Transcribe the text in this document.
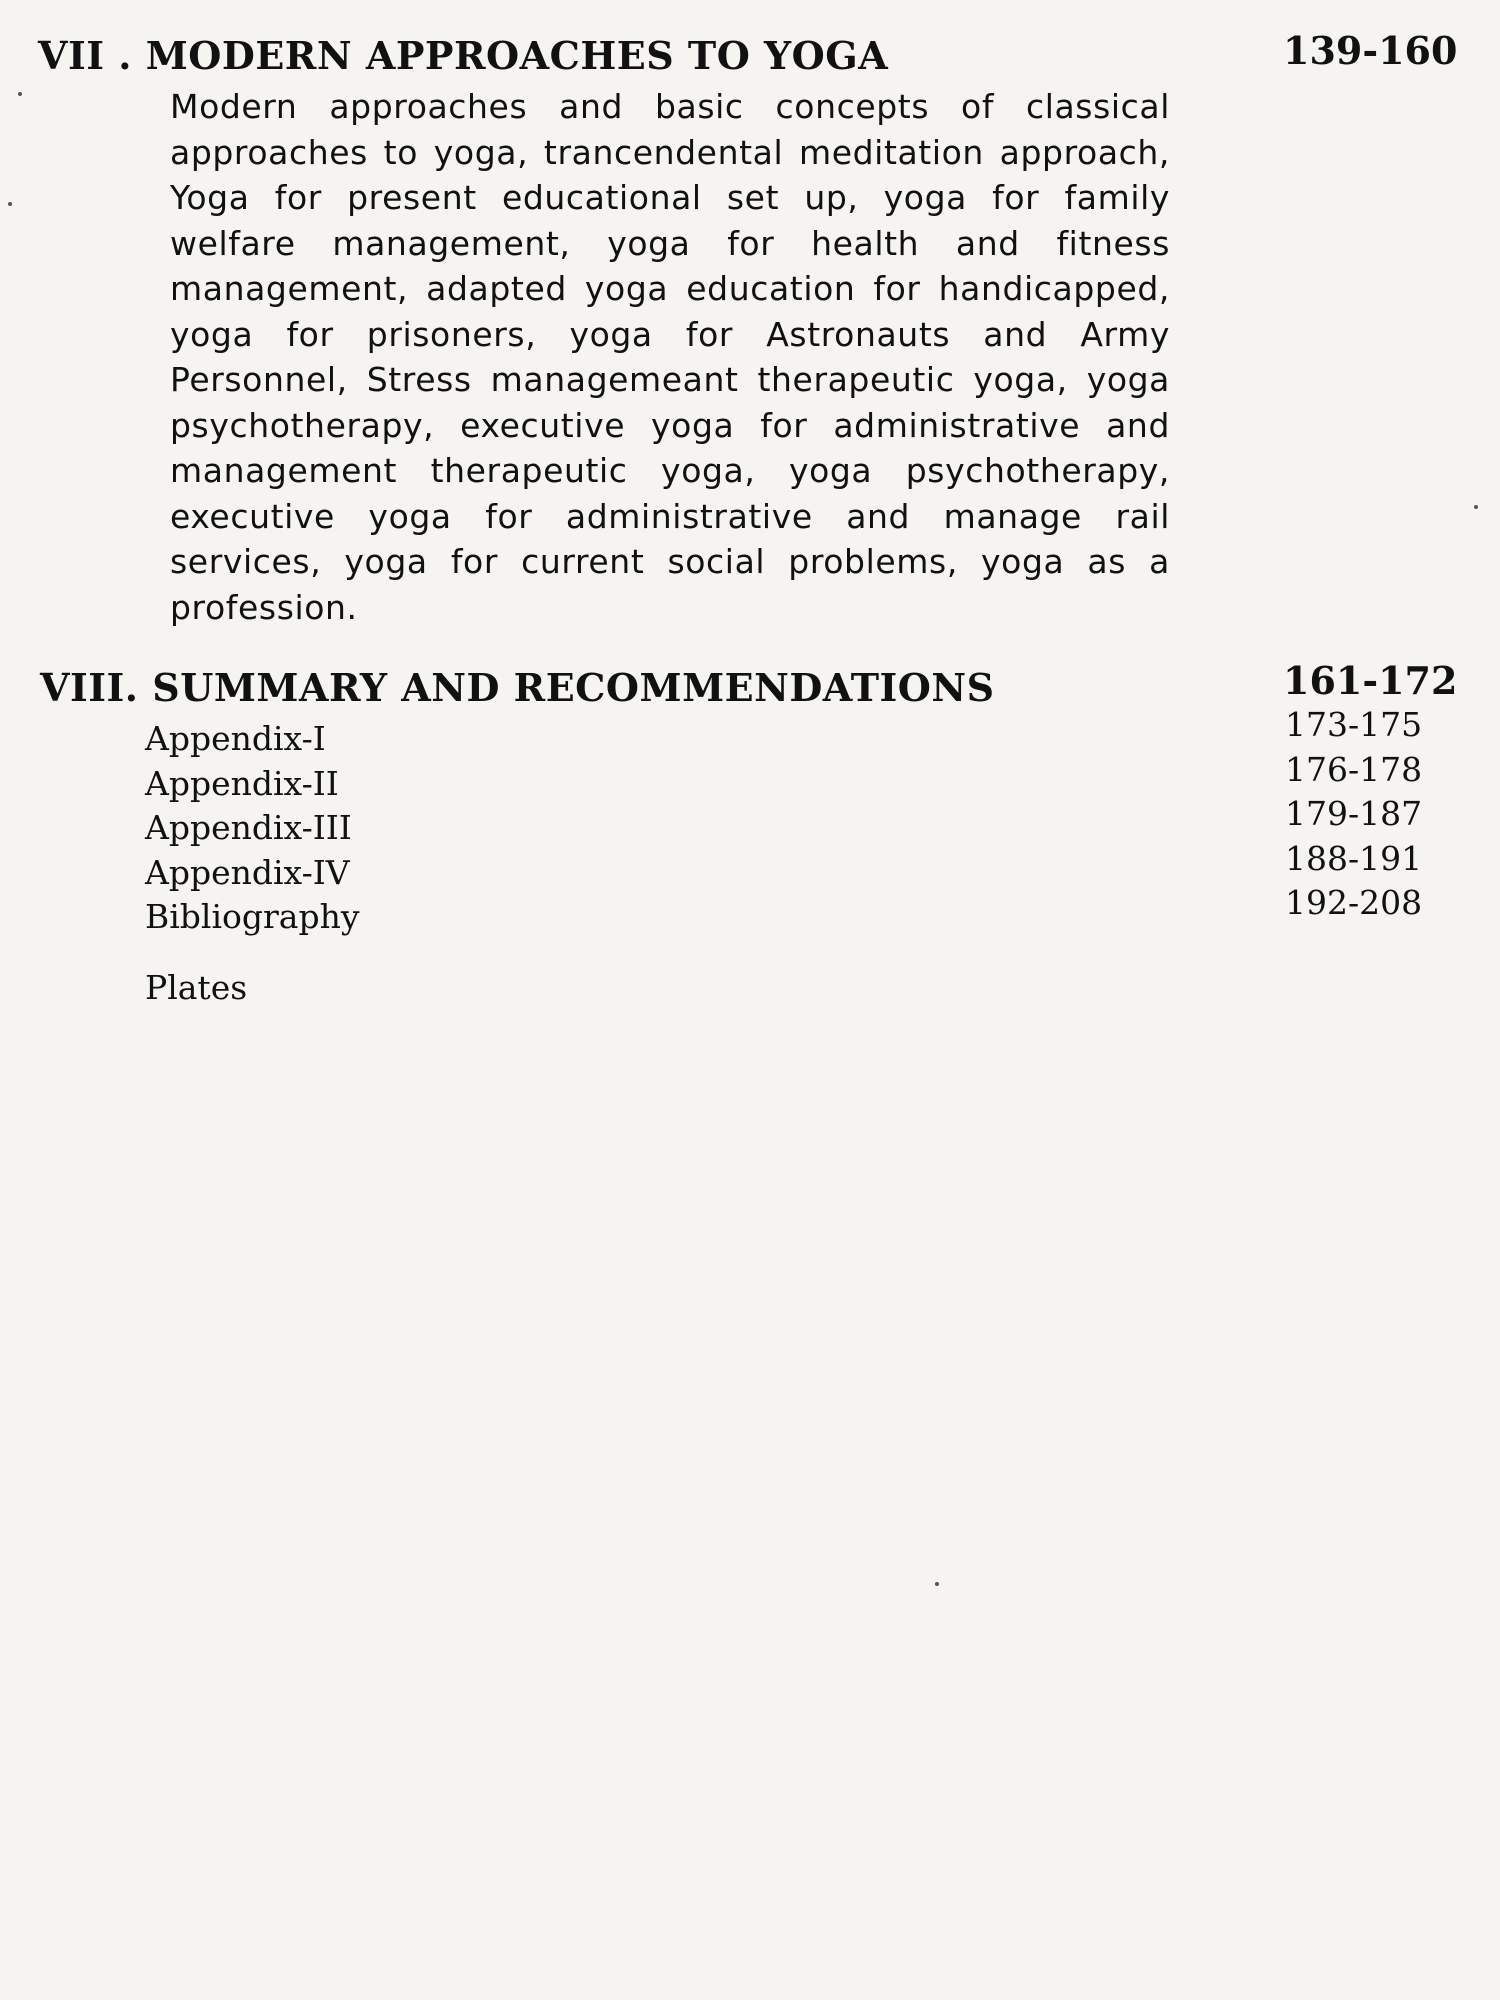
VII . MODERN APPROACHES TO YOGA	139-160

Modern approaches and basic concepts of classical approaches to yoga, trancendental meditation approach, Yoga for present educational set up, yoga for family welfare management, yoga for health and fitness management, adapted yoga education for handicapped, yoga for prisoners, yoga for Astronauts and Army Personnel, Stress managemeant therapeutic yoga, yoga psychotherapy, executive yoga for administrative and management therapeutic yoga, yoga psychotherapy, executive yoga for administrative and manage rail services, yoga for current social problems, yoga as a profession.

VIII. SUMMARY AND RECOMMENDATIONS	161-172
Appendix-I
Appendix-II
Appendix-III
Appendix-IV
Bibliography
173-175
176-178
179-187
188-191
192-208
Plates
